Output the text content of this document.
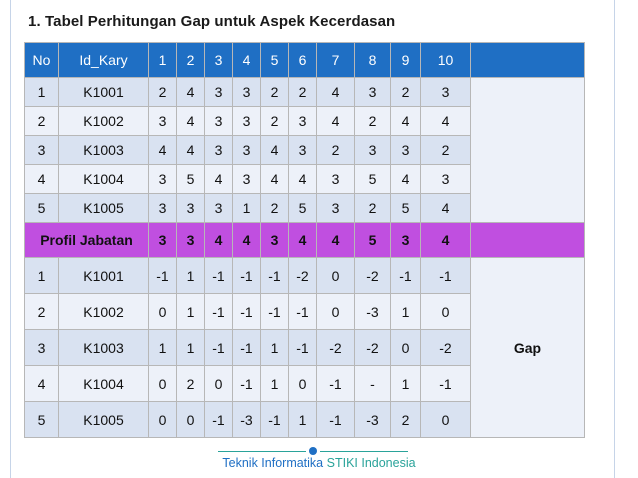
1. Tabel Perhitungan Gap untuk Aspek Kecerdasan
No	Id_Kary	1	2	3	4	5	6	7	8	9	10	
1	K1001	2	4	3	3	2	2	4	3	2	3	
2	K1002	3	4	3	3	2	3	4	2	4	4	
3	K1003	4	4	3	3	4	3	2	3	3	2	
4	K1004	3	5	4	3	4	4	3	5	4	3	
5	K1005	3	3	3	1	2	5	3	2	5	4	
Profil Jabatan		3	3	4	4	3	4	4	5	3	4	
1	K1001	-1	1	-1	-1	-1	-2	0	-2	-1	-1	Gap
2	K1002	0	1	-1	-1	-1	-1	0	-3	1	0	
3	K1003	1	1	-1	-1	1	-1	-2	-2	0	-2	
4	K1004	0	2	0	-1	1	0	-1	-	1	-1	
5	K1005	0	0	-1	-3	-1	1	-1	-3	2	0	
Teknik Informatika STIKI Indonesia
